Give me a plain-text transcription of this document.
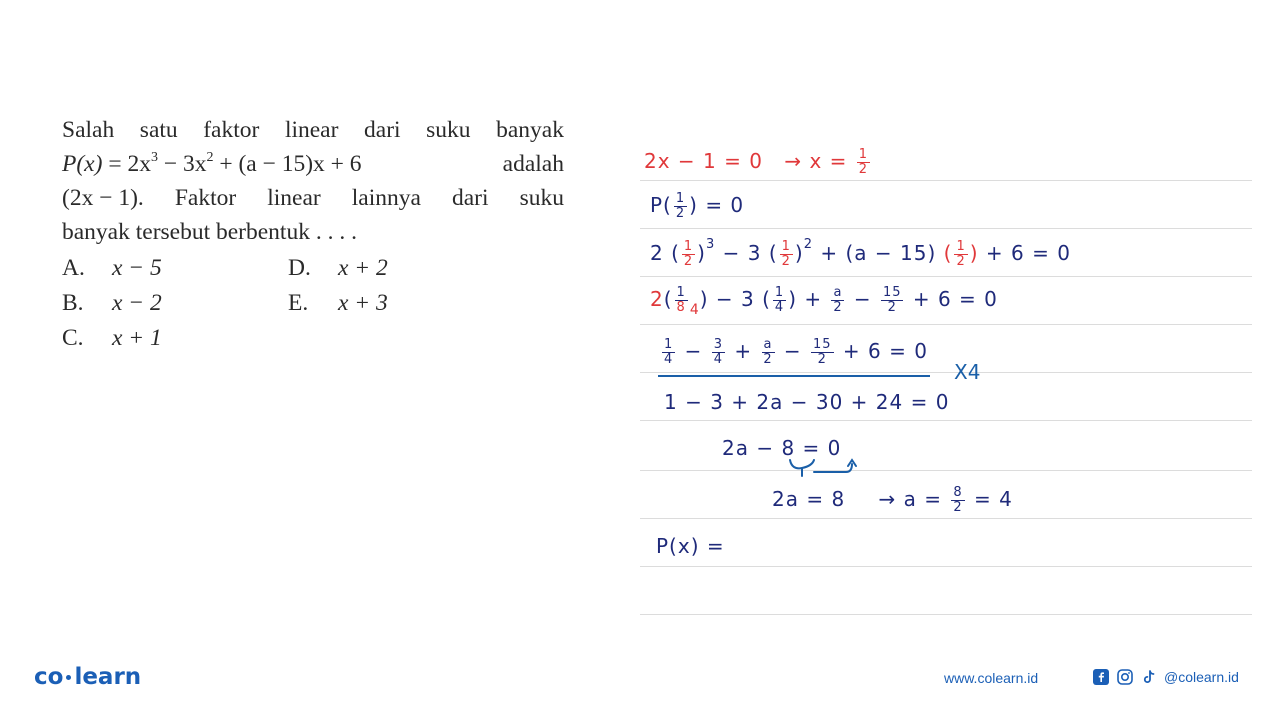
Salah satu faktor linear dari suku banyak
$P(x) = 2x^3 - 3x^2 + (a - 15)x + 6$	adalah
(2x − 1). Faktor linear lainnya dari suku
banyak tersebut berbentuk . . . .
A. x − 5
B. x − 2
C. x + 1
D. x + 2
E. x + 3
$2x - 1 = 0 \to x = \frac{1}{2}$
$P( \frac{1}{2}$ ) = 0
2 ( $\frac{1}{2} )^3 - 3$ ( $\frac{1}{2} )^2 + (a - 15)$ ( $\frac{1}{2}$ ) + 6 = 0
$2( \frac{1}{8} _4) - 3$ ( $\frac{1}{4}$ ) + $\frac{a}{2} - \frac{15}{2} + 6 = 0$
$\frac{1}{4} - \frac{3}{4} + \frac{a}{2} - \frac{15}{2} + 6 = 0$
X4
1 − 3 + 2a − 30 + 24 = 0
2a − 8 = 0
$2a = 8 \to a = \frac{8}{2} = 4$
P(x) =
co learn	www.colearn.id	@colearn.id
